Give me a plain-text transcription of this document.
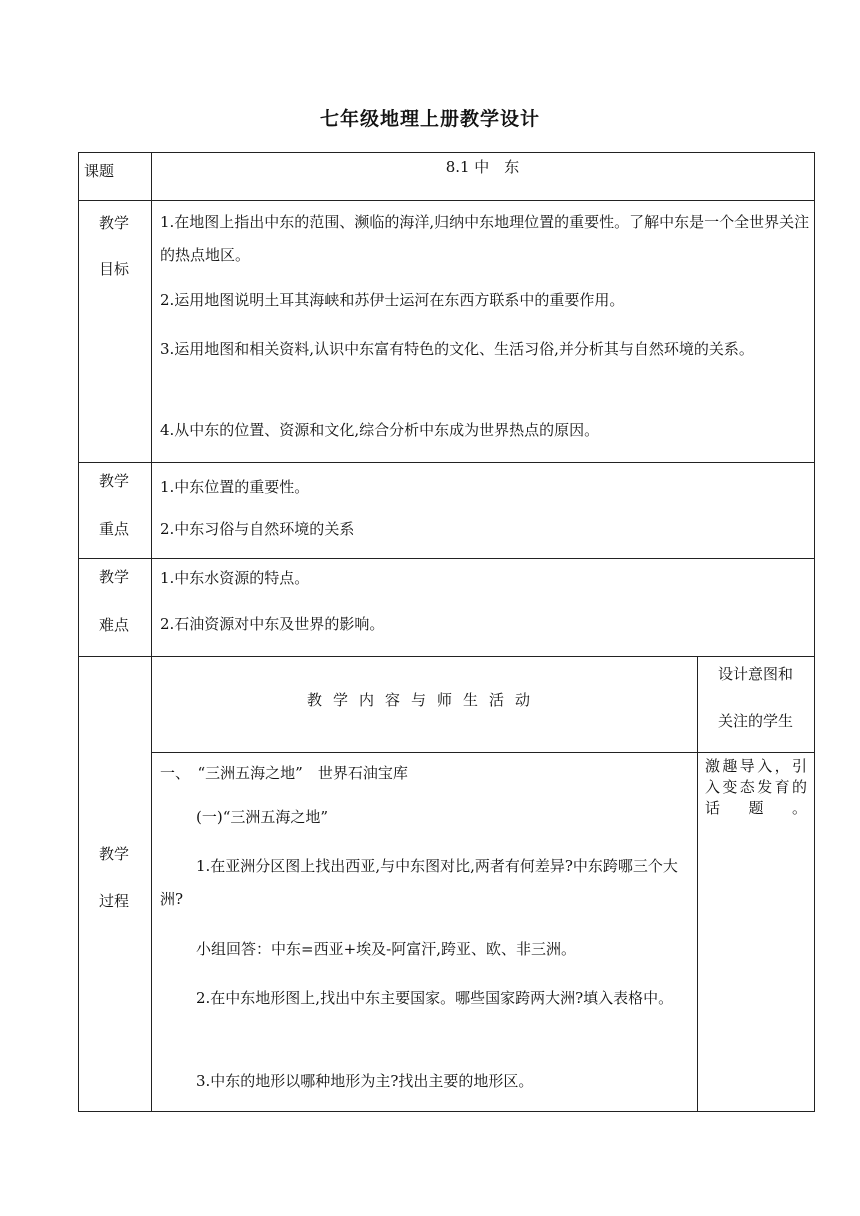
七年级地理上册教学设计
课题	8.1 中　东
教学
目标
1.在地图上指出中东的范围、濒临的海洋,归纳中东地理位置的重要性。了解中东是一个全世界关注的热点地区。
2.运用地图说明土耳其海峡和苏伊士运河在东西方联系中的重要作用。
3.运用地图和相关资料,认识中东富有特色的文化、生活习俗,并分析其与自然环境的关系。
4.从中东的位置、资源和文化,综合分析中东成为世界热点的原因。
教学
重点
1.中东位置的重要性。
2.中东习俗与自然环境的关系
教学
难点
1.中东水资源的特点。
2.石油资源对中东及世界的影响。
教学
过程
教学内容与师生活动
设计意图和
关注的学生
激趣导入，引入变态发育的话题。
一、　“三洲五海之地”　世界石油宝库
(一)“三洲五海之地”
1.在亚洲分区图上找出西亚,与中东图对比,两者有何差异?中东跨哪三个大洲?
小组回答：中东=西亚+埃及-阿富汗,跨亚、欧、非三洲。
2.在中东地形图上,找出中东主要国家。哪些国家跨两大洲?填入表格中。
3.中东的地形以哪种地形为主?找出主要的地形区。
